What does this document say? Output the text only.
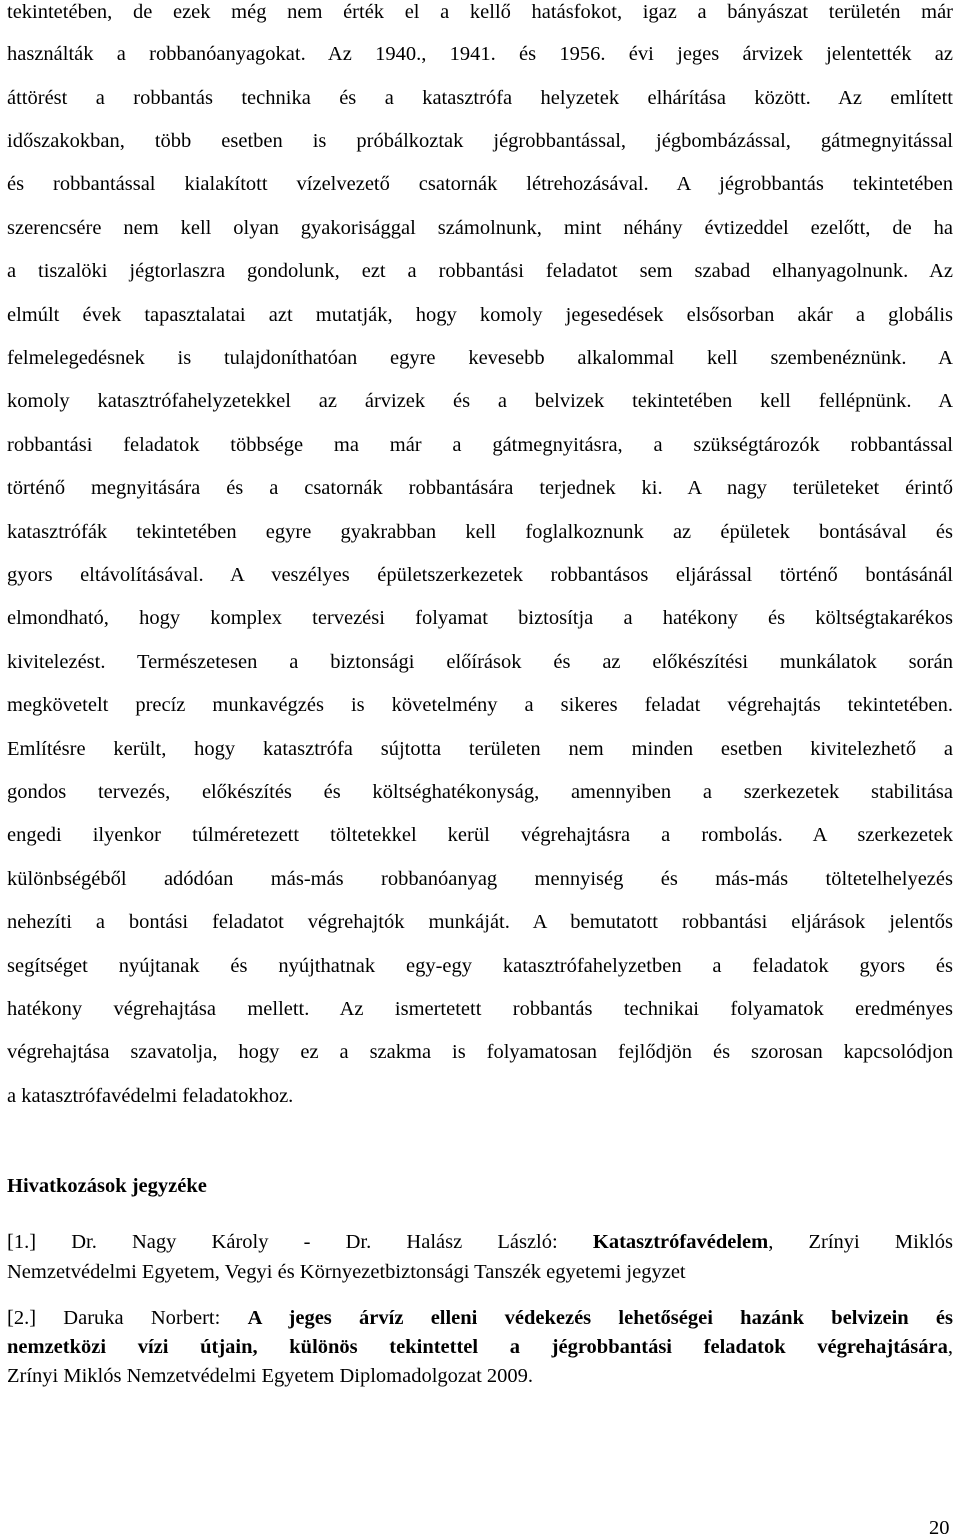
tekintetében, de ezek még nem érték el a kellő hatásfokot, igaz a bányászat területén már
használták a robbanóanyagokat. Az 1940., 1941. és 1956. évi jeges árvizek jelentették az
áttörést a robbantás technika és a katasztrófa helyzetek elhárítása között. Az említett
időszakokban, több esetben is próbálkoztak jégrobbantással, jégbombázással, gátmegnyitással
és robbantással kialakított vízelvezető csatornák létrehozásával. A jégrobbantás tekintetében
szerencsére nem kell olyan gyakorisággal számolnunk, mint néhány évtizeddel ezelőtt, de ha
a tiszalöki jégtorlaszra gondolunk, ezt a robbantási feladatot sem szabad elhanyagolnunk. Az
elmúlt évek tapasztalatai azt mutatják, hogy komoly jegesedések elsősorban akár a globális
felmelegedésnek is tulajdoníthatóan egyre kevesebb alkalommal kell szembenéznünk. A
komoly katasztrófahelyzetekkel az árvizek és a belvizek tekintetében kell fellépnünk. A
robbantási feladatok többsége ma már a gátmegnyitásra, a szükségtározók robbantással
történő megnyitására és a csatornák robbantására terjednek ki. A nagy területeket érintő
katasztrófák tekintetében egyre gyakrabban kell foglalkoznunk az épületek bontásával és
gyors eltávolításával. A veszélyes épületszerkezetek robbantásos eljárással történő bontásánál
elmondható, hogy komplex tervezési folyamat biztosítja a hatékony és költségtakarékos
kivitelezést. Természetesen a biztonsági előírások és az előkészítési munkálatok során
megkövetelt precíz munkavégzés is követelmény a sikeres feladat végrehajtás tekintetében.
Említésre került, hogy katasztrófa sújtotta területen nem minden esetben kivitelezhető a
gondos tervezés, előkészítés és költséghatékonyság, amennyiben a szerkezetek stabilitása
engedi ilyenkor túlméretezett töltetekkel kerül végrehajtásra a rombolás. A szerkezetek
különbségéből adódóan más-más robbanóanyag mennyiség és más-más töltetelhelyezés
nehezíti a bontási feladatot végrehajtók munkáját. A bemutatott robbantási eljárások jelentős
segítséget nyújtanak és nyújthatnak egy-egy katasztrófahelyzetben a feladatok gyors és
hatékony végrehajtása mellett. Az ismertetett robbantás technikai folyamatok eredményes
végrehajtása szavatolja, hogy ez a szakma is folyamatosan fejlődjön és szorosan kapcsolódjon
a katasztrófavédelmi feladatokhoz.
Hivatkozások jegyzéke
[1.] Dr. Nagy Károly - Dr. Halász László: Katasztrófavédelem, Zrínyi Miklós
Nemzetvédelmi Egyetem, Vegyi és Környezetbiztonsági Tanszék egyetemi jegyzet
[2.] Daruka Norbert: A jeges árvíz elleni védekezés lehetőségei hazánk belvizein és
nemzetközi vízi útjain, különös tekintettel a jégrobbantási feladatok végrehajtására,
Zrínyi Miklós Nemzetvédelmi Egyetem Diplomadolgozat 2009.
20
